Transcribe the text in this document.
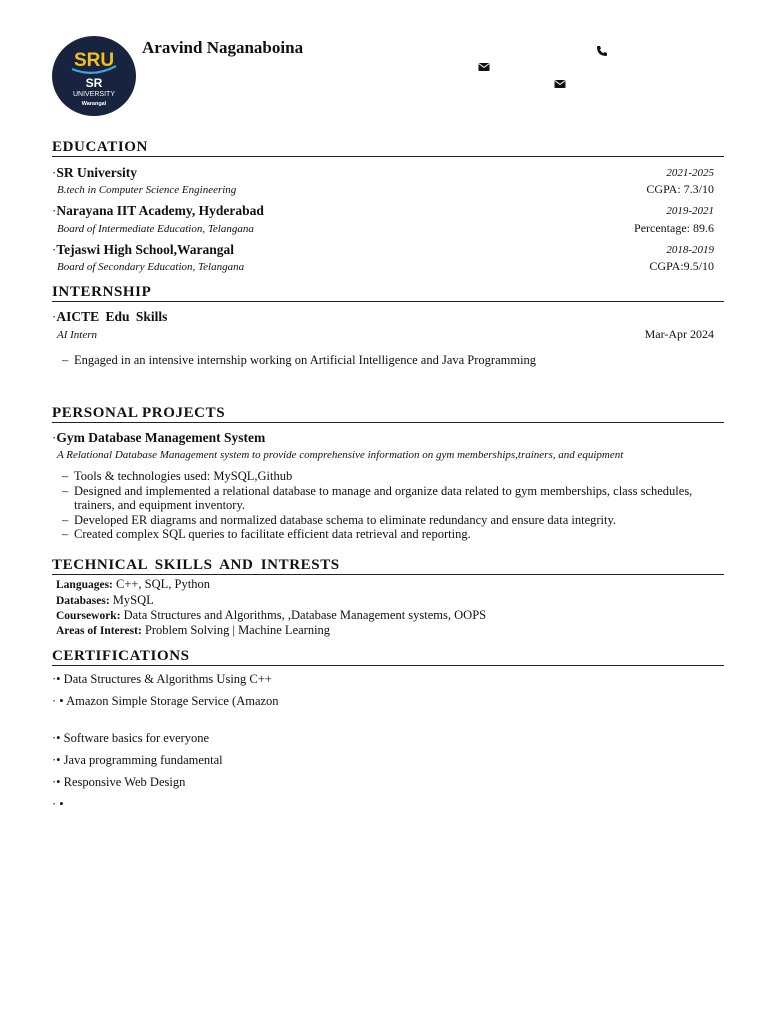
SRU
SR
UNIVERSITY
Warangal
Aravind Naganaboina
EDUCATION
·SR University	2021-2025
B.tech in Computer Science Engineering	CGPA: 7.3/10
·Narayana IIT Academy, Hyderabad	2019-2021
Board of Intermediate Education, Telangana	Percentage: 89.6
·Tejaswi High School,Warangal	2018-2019
Board of Secondary Education, Telangana	CGPA:9.5/10
INTERNSHIP
·AICTE Edu Skills
AI Intern	Mar-Apr 2024
– Engaged in an intensive internship working on Artificial Intelligence and Java Programming
PERSONAL PROJECTS
·Gym Database Management System
A Relational Database Management system to provide comprehensive information on gym memberships,trainers, and equipment
– Tools & technologies used: MySQL,Github
– Designed and implemented a relational database to manage and organize data related to gym memberships, class schedules, trainers, and equipment inventory.
– Developed ER diagrams and normalized database schema to eliminate redundancy and ensure data integrity.
– Created complex SQL queries to facilitate efficient data retrieval and reporting.
TECHNICAL SKILLS AND INTRESTS
Languages: C++, SQL, Python
Databases: MySQL
Coursework: Data Structures and Algorithms, ,Database Management systems, OOPS
Areas of Interest: Problem Solving | Machine Learning
CERTIFICATIONS
·• Data Structures & Algorithms Using C++
· • Amazon Simple Storage Service (Amazon
·• Software basics for everyone
·• Java programming fundamental
·• Responsive Web Design
· •
